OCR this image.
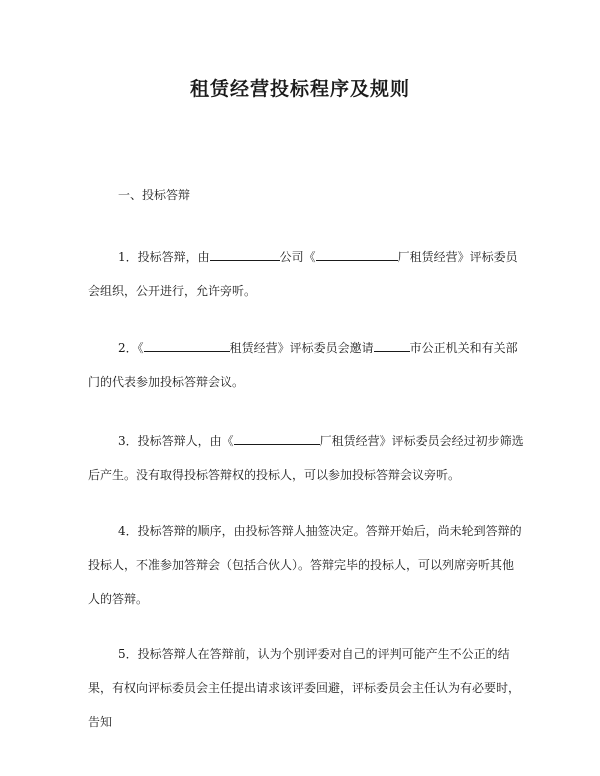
租赁经营投标程序及规则

一、投标答辩

1．投标答辩，由	公司《	厂租赁经营》评标委员会组织，公开进行，允许旁听。

2．《	租赁经营》评标委员会邀请	市公正机关和有关部门的代表参加投标答辩会议。

3．投标答辩人，由《	厂租赁经营》评标委员会经过初步筛选后产生。没有取得投标答辩权的投标人，可以参加投标答辩会议旁听。

4．投标答辩的顺序，由投标答辩人抽签决定。答辩开始后，尚未轮到答辩的投标人，不准参加答辩会（包括合伙人）。答辩完毕的投标人，可以列席旁听其他人的答辩。

5．投标答辩人在答辩前，认为个别评委对自己的评判可能产生不公正的结果，有权向评标委员会主任提出请求该评委回避，评标委员会主任认为有必要时，告知
